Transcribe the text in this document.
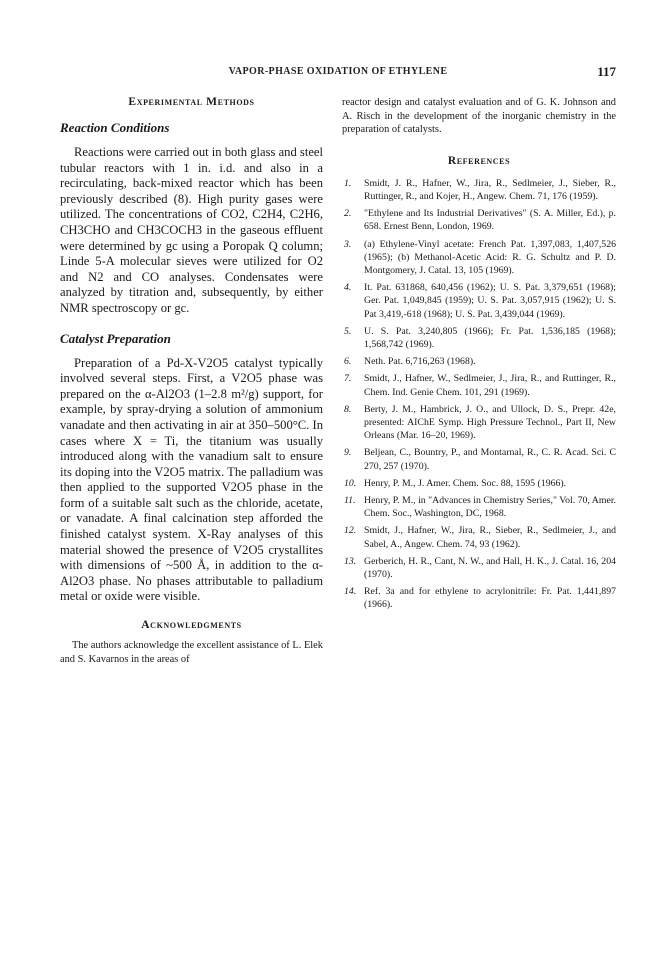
VAPOR-PHASE OXIDATION OF ETHYLENE	117
Experimental Methods
Reaction Conditions

Reactions were carried out in both glass and steel tubular reactors with 1 in. i.d. and also in a recirculating, back-mixed reactor which has been previously described (8). High purity gases were utilized. The concentrations of CO2, C2H4, C2H6, CH3CHO and CH3COCH3 in the gaseous effluent were determined by gc using a Poropak Q column; Linde 5-A molecular sieves were utilized for O2 and N2 and CO analyses. Condensates were analyzed by titration and, subsequently, by either NMR spectroscopy or gc.

Catalyst Preparation

Preparation of a Pd-X-V2O5 catalyst typically involved several steps. First, a V2O5 phase was prepared on the α-Al2O3 (1–2.8 m²/g) support, for example, by spray-drying a solution of ammonium vanadate and then activating in air at 350–500°C. In cases where X = Ti, the titanium was usually introduced along with the vanadium salt to ensure its doping into the V2O5 matrix. The palladium was then applied to the supported V2O5 phase in the form of a suitable salt such as the chloride, acetate, or vanadate. A final calcination step afforded the finished catalyst system. X-Ray analyses of this material showed the presence of V2O5 crystallites with dimensions of ~500 Å, in addition to the α-Al2O3 phase. No phases attributable to palladium metal or oxide were visible.

Acknowledgments

The authors acknowledge the excellent assistance of L. Elek and S. Kavarnos in the areas of

reactor design and catalyst evaluation and of G. K. Johnson and A. Risch in the development of the inorganic chemistry in the preparation of catalysts.

References
1. Smidt, J. R., Hafner, W., Jira, R., Sedlmeier, J., Sieber, R., Ruttinger, R., and Kojer, H., Angew. Chem. 71, 176 (1959).
2. "Ethylene and Its Industrial Derivatives" (S. A. Miller, Ed.), p. 658. Ernest Benn, London, 1969.
3. (a) Ethylene-Vinyl acetate: French Pat. 1,397,083, 1,407,526 (1965); (b) Methanol-Acetic Acid: R. G. Schultz and P. D. Montgomery, J. Catal. 13, 105 (1969).
4. It. Pat. 631868, 640,456 (1962); U. S. Pat. 3,379,651 (1968); Ger. Pat. 1,049,845 (1959); U. S. Pat. 3,057,915 (1962); U. S. Pat 3,419,-618 (1968); U. S. Pat. 3,439,044 (1969).
5. U. S. Pat. 3,240,805 (1966); Fr. Pat. 1,536,185 (1968); 1,568,742 (1969).
6. Neth. Pat. 6,716,263 (1968).
7. Smidt, J., Hafner, W., Sedlmeier, J., Jira, R., and Ruttinger, R., Chem. Ind. Genie Chem. 101, 291 (1969).
8. Berty, J. M., Hambrick, J. O., and Ullock, D. S., Prepr. 42e, presented: AIChE Symp. High Pressure Technol., Part II, New Orleans (Mar. 16–20, 1969).
9. Beljean, C., Bountry, P., and Montarnal, R., C. R. Acad. Sci. C 270, 257 (1970).
10. Henry, P. M., J. Amer. Chem. Soc. 88, 1595 (1966).
11. Henry, P. M., in "Advances in Chemistry Series," Vol. 70, Amer. Chem. Soc., Washington, DC, 1968.
12. Smidt, J., Hafner, W., Jira, R., Sieber, R., Sedlmeier, J., and Sabel, A., Angew. Chem. 74, 93 (1962).
13. Gerberich, H. R., Cant, N. W., and Hall, H. K., J. Catal. 16, 204 (1970).
14. Ref. 3a and for ethylene to acrylonitrile: Fr. Pat. 1,441,897 (1966).
